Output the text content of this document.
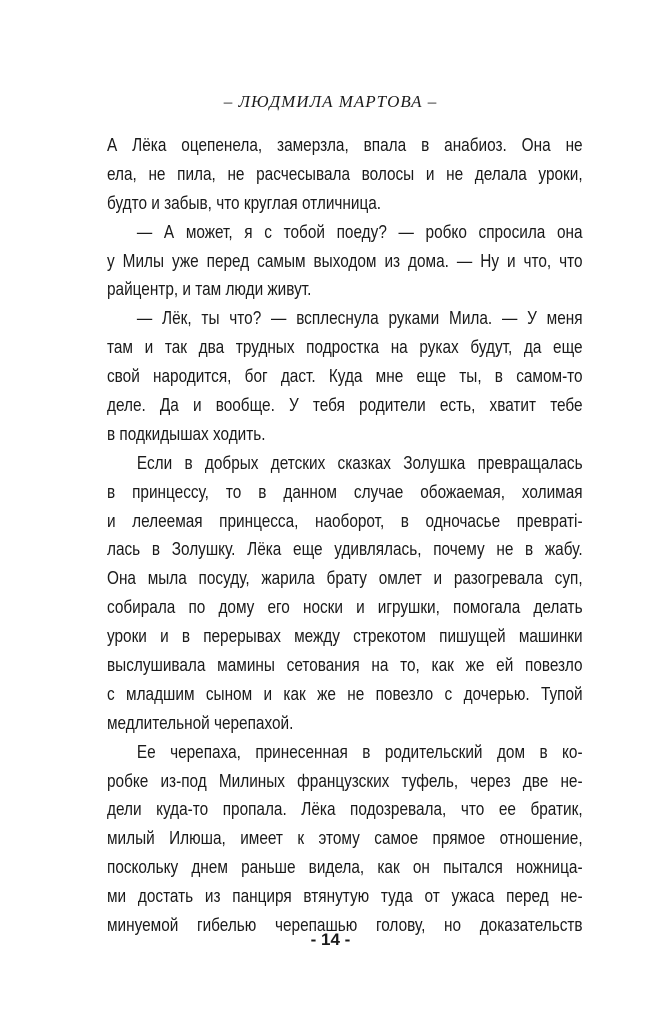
– ЛЮДМИЛА МАРТОВА –
А Лёка оцепенела, замерзла, впала в анабиоз. Она не
ела, не пила, не расчесывала волосы и не делала уроки,
будто и забыв, что круглая отличница.
— А может, я с тобой поеду? — робко спросила она
у Милы уже перед самым выходом из дома. — Ну и что, что
райцентр, и там люди живут.
— Лёк, ты что? — всплеснула руками Мила. — У меня
там и так два трудных подростка на руках будут, да еще
свой народится, бог даст. Куда мне еще ты, в самом-то
деле. Да и вообще. У тебя родители есть, хватит тебе
в подкидышах ходить.
Если в добрых детских сказках Золушка превращалась
в принцессу, то в данном случае обожаемая, холимая
и лелеемая принцесса, наоборот, в одночасье превраті-
лась в Золушку. Лёка еще удивлялась, почему не в жабу.
Она мыла посуду, жарила брату омлет и разогревала суп,
собирала по дому его носки и игрушки, помогала делать
уроки и в перерывах между стрекотом пишущей машинки
выслушивала мамины сетования на то, как же ей повезло
с младшим сыном и как же не повезло с дочерью. Тупой
медлительной черепахой.
Ее черепаха, принесенная в родительский дом в ко-
робке из-под Милиных французских туфель, через две не-
дели куда-то пропала. Лёка подозревала, что ее братик,
милый Илюша, имеет к этому самое прямое отношение,
поскольку днем раньше видела, как он пытался ножница-
ми достать из панциря втянутую туда от ужаса перед не-
минуемой гибелью черепашью голову, но доказательств
- 14 -
